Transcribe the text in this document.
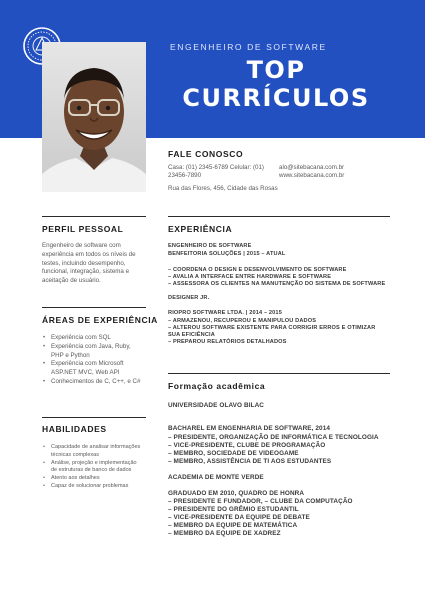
ENGENHEIRO DE SOFTWARE
TOP
CURRÍCULOS
FALE CONOSCO
Casa: (01) 2345-6789 Celular: (01)
23456-7890
alo@sitebacana.com.br
www.sitebacana.com.br
Rua das Flores, 456, Cidade das Rosas
PERFIL PESSOAL
Engenheiro de software com
experiência em todos os níveis de
testes, incluindo desempenho,
funcional, integração, sistema e
aceitação de usuário.
ÁREAS DE EXPERIÊNCIA
• Experiência com SQL
• Experiência com Java, Ruby,
PHP e Python
• Experiência com Microsoft
ASP.NET MVC, Web API
• Conhecimentos de C, C++, e C#
HABILIDADES
• Capacidade de analisar informações
técnicas complexas
• Análise, projeção e implementação
de estruturas de banco de dados
• Atento aos detalhes
• Capaz de solucionar problemas
EXPERIÊNCIA
ENGENHEIRO DE SOFTWARE
BENFEITORIA SOLUÇÕES | 2015 – ATUAL
– COORDENA O DESIGN E DESENVOLVIMENTO DE SOFTWARE
– AVALIA A INTERFACE ENTRE HARDWARE E SOFTWARE
– ASSESSORA OS CLIENTES NA MANUTENÇÃO DO SISTEMA DE SOFTWARE
DESIGNER JR.
RIOPRO SOFTWARE LTDA. | 2014 – 2015
– ARMAZENOU, RECUPEROU E MANIPULOU DADOS
– ALTEROU SOFTWARE EXISTENTE PARA CORRIGIR ERROS E OTIMIZAR
SUA EFICIÊNCIA
– PREPAROU RELATÓRIOS DETALHADOS
Formação acadêmica
UNIVERSIDADE OLAVO BILAC
BACHAREL EM ENGENHARIA DE SOFTWARE, 2014
– PRESIDENTE, ORGANIZAÇÃO DE INFORMÁTICA E TECNOLOGIA
– VICE-PRESIDENTE, CLUBE DE PROGRAMAÇÃO
– MEMBRO, SOCIEDADE DE VIDEOGAME
– MEMBRO, ASSISTÊNCIA DE TI AOS ESTUDANTES
ACADEMIA DE MONTE VERDE
GRADUADO EM 2010, QUADRO DE HONRA
– PRESIDENTE E FUNDADOR, – CLUBE DA COMPUTAÇÃO
– PRESIDENTE DO GRÊMIO ESTUDANTIL
– VICE-PRESIDENTE DA EQUIPE DE DEBATE
– MEMBRO DA EQUIPE DE MATEMÁTICA
– MEMBRO DA EQUIPE DE XADREZ
